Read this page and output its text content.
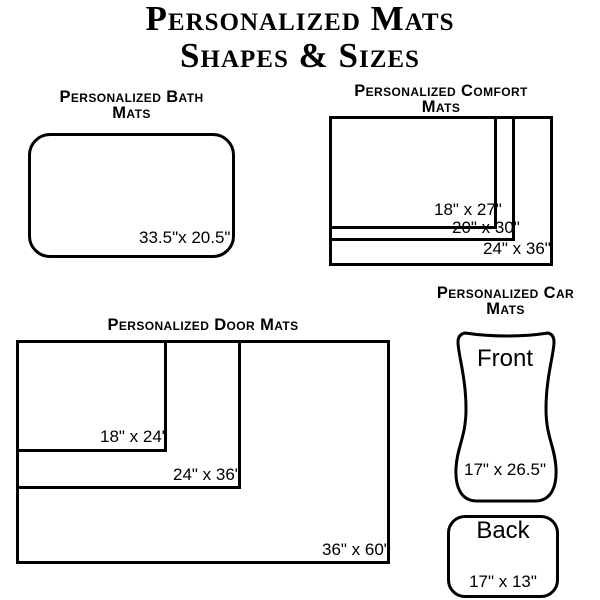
Personalized Mats
Shapes & Sizes
Personalized Bath
Mats
33.5"x 20.5"
Personalized Comfort
Mats
18" x 27"
20" x 30"
24" x 36"
Personalized Door Mats
18" x 24"
24" x 36"
36" x 60"
Personalized Car
Mats
Front
17" x 26.5"
Back
17" x 13"
